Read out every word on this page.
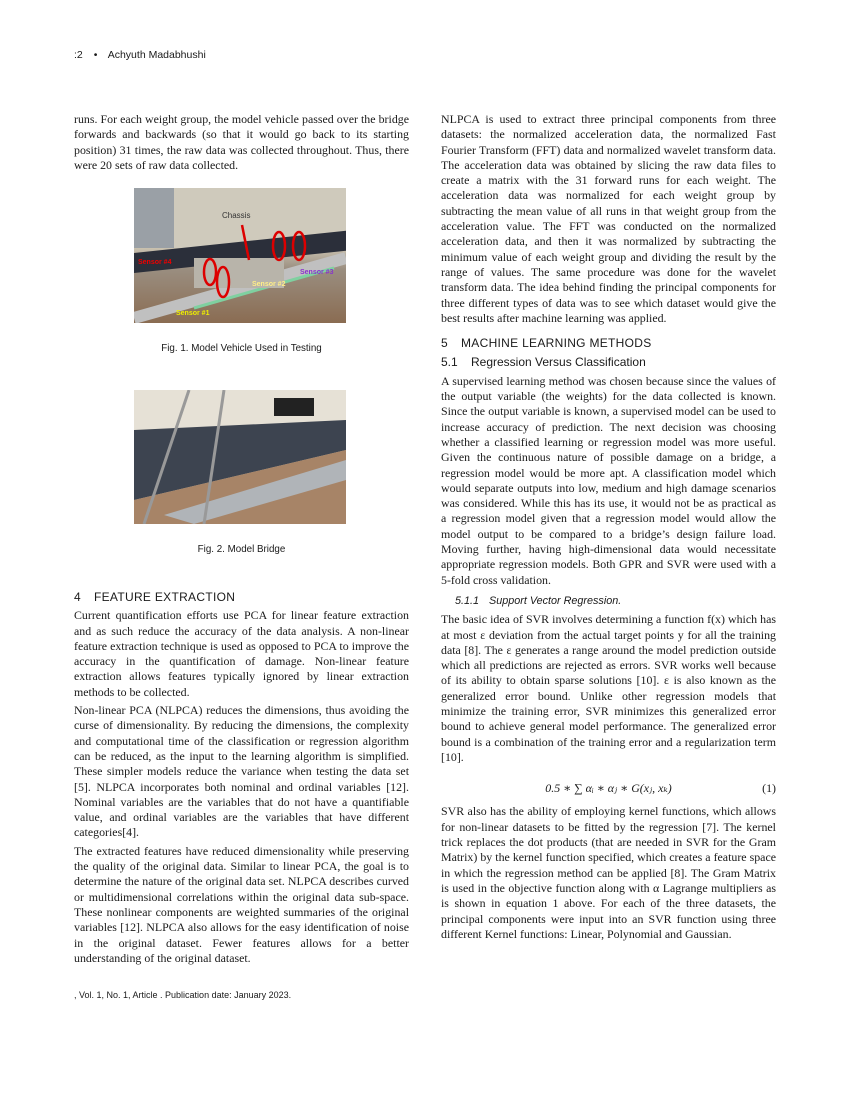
:2 • Achyuth Madabhushi

runs. For each weight group, the model vehicle passed over the bridge forwards and backwards (so that it would go back to its starting position) 31 times, the raw data was collected throughout. Thus, there were 20 sets of raw data collected.

Chassis
Sensor #4
Sensor #1
Sensor #2
Sensor #3
Fig. 1. Model Vehicle Used in Testing
Fig. 2. Model Bridge
4 FEATURE EXTRACTION

Current quantification efforts use PCA for linear feature extraction and as such reduce the accuracy of the data analysis. A non-linear feature extraction technique is used as opposed to PCA to improve the accuracy in the quantification of damage. Non-linear feature extraction allows features typically ignored by linear extraction methods to be collected.

Non-linear PCA (NLPCA) reduces the dimensions, thus avoiding the curse of dimensionality. By reducing the dimensions, the complexity and computational time of the classification or regression algorithm can be reduced, as the input to the learning algorithm is simplified. These simpler models reduce the variance when testing the data set [5]. NLPCA incorporates both nominal and ordinal variables [12]. Nominal variables are the variables that do not have a quantifiable value, and ordinal variables are the variables that have different categories[4].

The extracted features have reduced dimensionality while preserving the quality of the original data. Similar to linear PCA, the goal is to determine the nature of the original data set. NLPCA describes curved or multidimensional correlations within the original data sub-space. These nonlinear components are weighted summaries of the original variables [12]. NLPCA also allows for the easy identification of noise in the original dataset. Fewer features allows for a better understanding of the original dataset.

NLPCA is used to extract three principal components from three datasets: the normalized acceleration data, the normalized Fast Fourier Transform (FFT) data and normalized wavelet transform data. The acceleration data was obtained by slicing the raw data files to create a matrix with the 31 forward runs for each weight. The acceleration data was normalized for each weight group by subtracting the mean value of all runs in that weight group from the acceleration value. The FFT was conducted on the normalized acceleration data, and then it was normalized by subtracting the minimum value of each weight group and dividing the result by the range of values. The same procedure was done for the wavelet transform data. The idea behind finding the principal components for three different types of data was to see which dataset would give the best results after machine learning was applied.

5 MACHINE LEARNING METHODS
5.1 Regression Versus Classification

A supervised learning method was chosen because since the values of the output variable (the weights) for the data collected is known. Since the output variable is known, a supervised model can be used to increase accuracy of prediction. The next decision was choosing whether a classified learning or regression model was more useful. Given the continuous nature of possible damage on a bridge, a regression model would be more apt. A classification model which would separate outputs into low, medium and high damage scenarios was considered. While this has its use, it would not be as practical as a regression model given that a regression model would allow the model output to be compared to a bridge’s design failure load. Moving further, having high-dimensional data would necessitate appropriate regression models. Both GPR and SVR were used with a 5-fold cross validation.

5.1.1 Support Vector Regression.

The basic idea of SVR involves determining a function f(x) which has at most ε deviation from the actual target points y for all the training data [8]. The ε generates a range around the model prediction outside which all predictions are rejected as errors. SVR works well because of its ability to obtain sparse solutions [10]. ε is also known as the generalized error bound. Unlike other regression models that minimize the training error, SVR minimizes this generalized error bound to achieve general model performance. The generalized error bound is a combination of the training error and a regularization term [10].

0.5 ∗ ∑ αᵢ ∗ αⱼ ∗ G(xⱼ, xₖ)	(1)

SVR also has the ability of employing kernel functions, which allows for non-linear datasets to be fitted by the regression [7]. The kernel trick replaces the dot products (that are needed in SVR for the Gram Matrix) by the kernel function specified, which creates a feature space in which the regression method can be applied [8]. The Gram Matrix is used in the objective function along with α Lagrange multipliers as is shown in equation 1 above. For each of the three datasets, the principal components were input into an SVR function using three different Kernel functions: Linear, Polynomial and Gaussian.

, Vol. 1, No. 1, Article . Publication date: January 2023.
